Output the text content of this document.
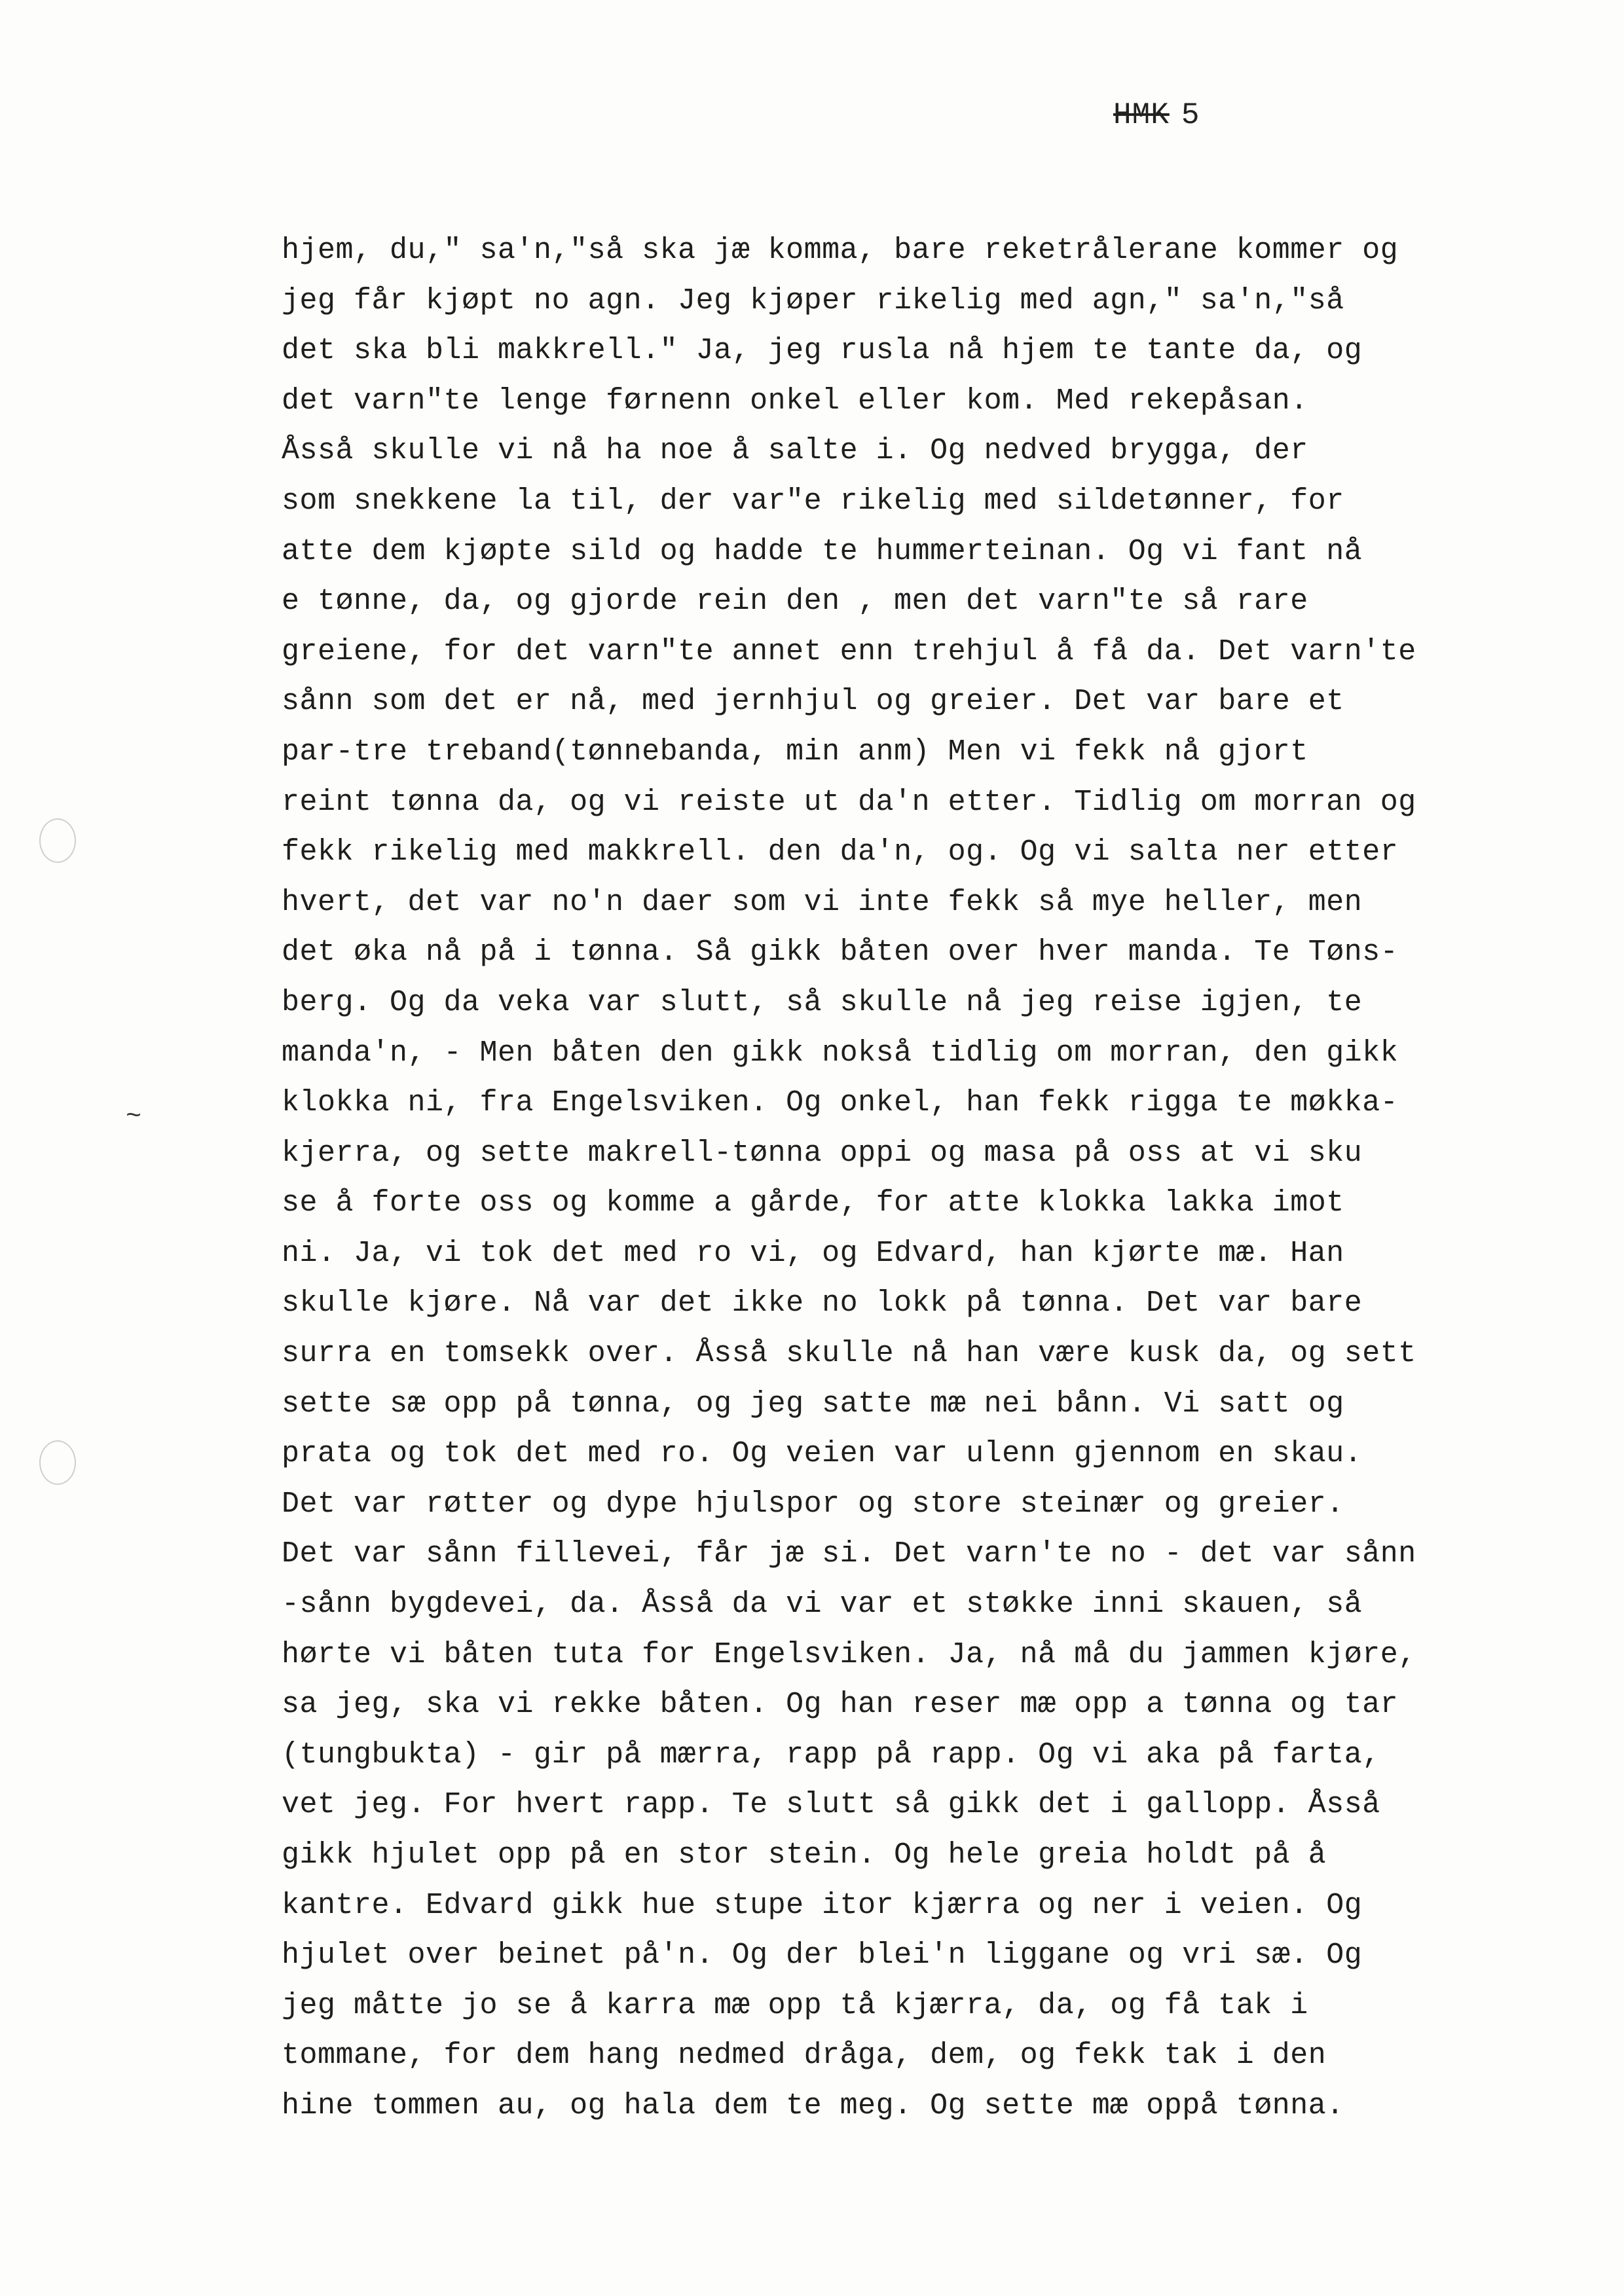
HMK 5
~
hjem, du," sa'n,"så ska jæ komma, bare reketrålerane kommer og
jeg får kjøpt no agn. Jeg kjøper rikelig med agn," sa'n,"så
det ska bli makkrell." Ja, jeg rusla nå hjem te tante da, og
det varn"te lenge førnenn onkel eller kom. Med rekepåsan.
Åsså skulle vi nå ha noe å salte i. Og nedved brygga, der
som snekkene la til, der var"e rikelig med sildetønner, for
atte dem kjøpte sild og hadde te hummerteinan. Og vi fant nå
e tønne, da, og gjorde rein den , men det varn"te så rare
greiene, for det varn"te annet enn trehjul å få da. Det varn'te
sånn som det er nå, med jernhjul og greier. Det var bare et
par-tre treband(tønnebanda, min anm) Men vi fekk nå gjort
reint tønna da, og vi reiste ut da'n etter. Tidlig om morran og
fekk rikelig med makkrell. den da'n, og. Og vi salta ner etter
hvert, det var no'n daer som vi inte fekk så mye heller, men
det øka nå på i tønna. Så gikk båten over hver manda. Te Tøns-
berg. Og da veka var slutt, så skulle nå jeg reise igjen, te
manda'n, - Men båten den gikk nokså tidlig om morran, den gikk
klokka ni, fra Engelsviken. Og onkel, han fekk rigga te møkka-
kjerra, og sette makrell-tønna oppi og masa på oss at vi sku
se å forte oss og komme a gårde, for atte klokka lakka imot
ni. Ja, vi tok det med ro vi, og Edvard, han kjørte mæ. Han
skulle kjøre. Nå var det ikke no lokk på tønna. Det var bare
surra en tomsekk over. Åsså skulle nå han være kusk da, og sett
sette sæ opp på tønna, og jeg satte mæ nei bånn. Vi satt og
prata og tok det med ro. Og veien var ulenn gjennom en skau.
Det var røtter og dype hjulspor og store steinær og greier.
Det var sånn fillevei, får jæ si. Det varn'te no - det var sånn
-sånn bygdevei, da. Åsså da vi var et støkke inni skauen, så
hørte vi båten tuta for Engelsviken. Ja, nå må du jammen kjøre,
sa jeg, ska vi rekke båten. Og han reser mæ opp a tønna og tar
(tungbukta) - gir på mærra, rapp på rapp. Og vi aka på farta,
vet jeg. For hvert rapp. Te slutt så gikk det i gallopp. Åsså
gikk hjulet opp på en stor stein. Og hele greia holdt på å
kantre. Edvard gikk hue stupe itor kjærra og ner i veien. Og
hjulet over beinet på'n. Og der blei'n liggane og vri sæ. Og
jeg måtte jo se å karra mæ opp tå kjærra, da, og få tak i
tommane, for dem hang nedmed dråga, dem, og fekk tak i den
hine tommen au, og hala dem te meg. Og sette mæ oppå tønna.
